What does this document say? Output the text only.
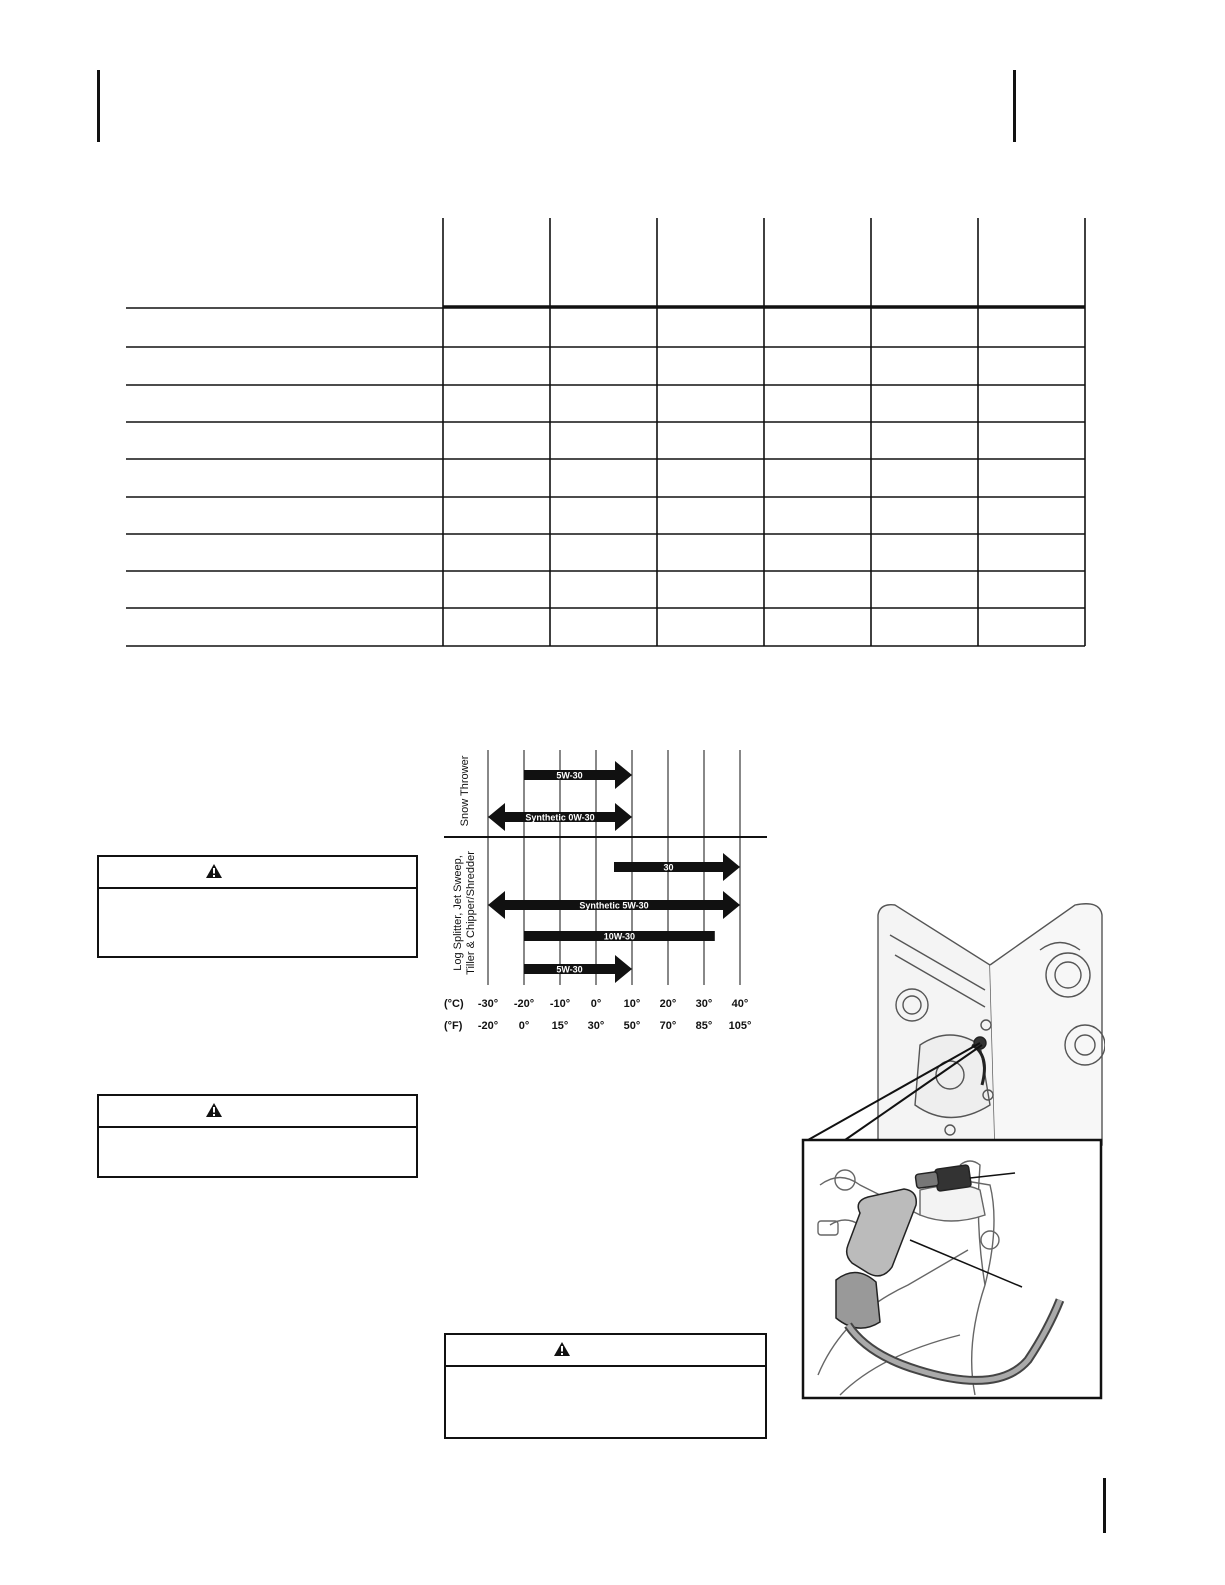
5W-30
Synthetic 0W-30
30
Synthetic 5W-30
10W-30
5W-30
(°C)
(°F)
-30° -20° -10° 0° 10° 20° 30° 40°
-20° 0° 15° 30° 50° 70° 85° 105°
Snow Thrower
Log Splitter, Jet Sweep, Tiller & Chipper/Shredder
